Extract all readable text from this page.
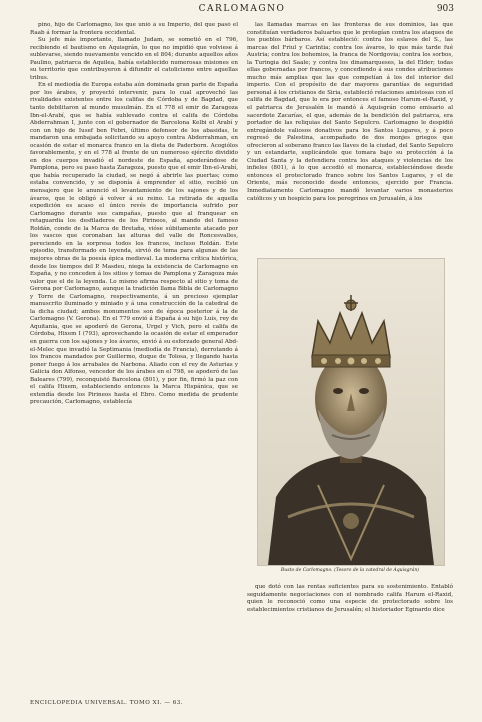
CARLOMAGNO	903

pino, hijo de Carlomagno, los que unió á su Imperio, del que pasó el Raab á formar la frontera occidental.

Su jefe más importante, llamado Judam, se sometió en el 796, recibiendo el bautismo en Aquisgrán, lo que no impidió que volviese á sublevarse, siendo nuevamente vencido en el 804; durante aquellos años Paulino, patriarca de Aquilea, había establecido numerosas misiones en su territorio que contribuyeron á difundir el catolicismo entre aquellas tribus.

En el mediodía de Europa estaba aún dominada gran parte de España por los árabes, y proyectó intervenir, para lo cual aprovechó las rivalidades existentes entre los califas de Córdoba y de Bagdad, que tanto debilitaron al mundo musulmán. En el 778 el emir de Zaragoza Ibn-el-Arabí, que se había sublevado contra el califa de Córdoba Abderrahman I, junto con el gobernador de Barcelona Kelbi el Arabí y con un hijo de Iusef ben Febri, último defensor de los abasidas, le mandaron una embajada solicitando su apoyo contra Abderrahman, en ocasión de estar el monarca franco en la dieta de Paderborn. Acogiólos favorablemente, y en el 778 al frente de un numeroso ejército dividido en dos cuerpos invadió el nordeste de España, apoderándose de Pamplona, pero su paso hasta Zaragoza, puesto que el emir Ibn-el-Arabí, que había recuperado la ciudad, se negó á abrirle las puertas; como estaba convencido, y se disponía á emprender el sitio, recibió un mensajero que le anunció el levantamiento de los sajones y de los ávaros, que le obligó á volver á su reino. La retirada de aquella expedición es acaso el único revés de importancia sufrido por Carlomagno durante sus campañas, puesto que al franquear en retaguardia los desfiladeros de los Pirineos, al mando del famoso Roldán, conde de la Marca de Bretaña, vióse súbitamente atacado por los vascos que coronaban las alturas del valle de Roncesvalles, pereciendo en la sorpresa todos los francos, incluso Roldán. Este episodio, transformado en leyenda, sirvió de tema para algunas de las mejores obras de la poesía épica medieval. La moderna crítica histórica, desde los tiempos del P. Masdeu, niega la existencia de Carlomagno en España, y no conceden á los sitios y tomas de Pamplona y Zaragoza más valor que el de la leyenda. Lo mismo afirma respecto al sitio y toma de Gerona por Carlomagno, aunque la tradición llama Bibla de Carlomagno y Torre de Carlomagno, respectivamente, á un precioso ejemplar manuscrito iluminado y miniado y á una construcción de la catedral de la dicha ciudad; ambos monumentos son de época posterior á la de Carlomagno (V. Gerona). En el 779 envió á España á su hijo Luis, rey de Aquitania, que se apoderó de Gerona, Urgel y Vich, pero el califa de Córdoba, Hixem I (793), aprovechando la ocasión de estar el emperador en guerra con los sajones y los ávaros, envió á su esforzado general Abd-el-Melec que invadió la Septimania (mediodía de Francia), derrotando á los francos mandados por Guillermo, duque de Tolosa, y llegando hasta poner fuego á los arrabales de Narbona. Aliado con el rey de Asturias y Galicia don Alfonso, vencedor de los árabes en el 798, se apoderó de las Baleares (799), reconquistó Barcelona (801), y por fin, firmó la paz con el califa Hixem, estableciendo entonces la Marca Hispánica, que se extendía desde los Pirineos hasta el Ebro. Como medida de prudente precaución, Carlomagno, establecía

las llamadas marcas en las fronteras de sus dominios, las que constituían verdaderos baluartes que le protegían contra los ataques de los pueblos bárbaros. Así estableció: contra los eslavos del S., las marcas del Friul y Carintia; contra los ávaros, lo que más tarde fué Austria; contra los bohemios, la franca de Nordgovia; contra los sorbos, la Turingia del Saale; y contra los dinamarqueses, la del Elder; todas ellas gobernadas por francos, y concediendo á sus condes atribuciones mucho más amplias que las que competían á los del interior del imperio. Con el propósito de dar mayores garantías de seguridad personal á los cristianos de Siria, estableció relaciones amistosas con el califa de Bagdad, que lo era por entonces el famoso Harum-el-Raxid, y el patriarca de Jerusalén le mandó á Aquisgrán como emisario al sacerdote Zacarías, el que, además de la bendición del patriarca, era portador de las reliquias del Santo Sepulcro. Carlomagno le despidió entregándole valiosos donativos para los Santos Lugares, y á poco regresó de Palestina, acompañado de dos monjes griegos que ofrecieron al soberano franco las llaves de la ciudad, del Santo Sepulcro y un estandarte, suplicándole que tomara bajo su protección á la Ciudad Santa y la defendiera contra los ataques y violencias de los infieles (801), á lo que accedió el monarca, estableciéndose desde entonces el protectorado franco sobre los Santos Lugares, y el de Oriente, más reconocido desde entonces, ejercido por Francia. Inmediatamente Carlomagno mandó levantar varios monasterios católicos y un hospicio para los peregrinos en Jerusalén, á los

Busto de Carlomagno. (Tesoro de la catedral de Aquisgrán)

que dotó con las rentas suficientes para su sostenimiento. Entabló seguidamente negociaciones con el nombrado califa Harum el-Raxid, quien le reconoció como una especie de protectorado sobre los establecimientos cristianos de Jerusalén; el historiador Eginardo dice

ENCICLOPEDIA UNIVERSAL. TOMO XI. — 63.
